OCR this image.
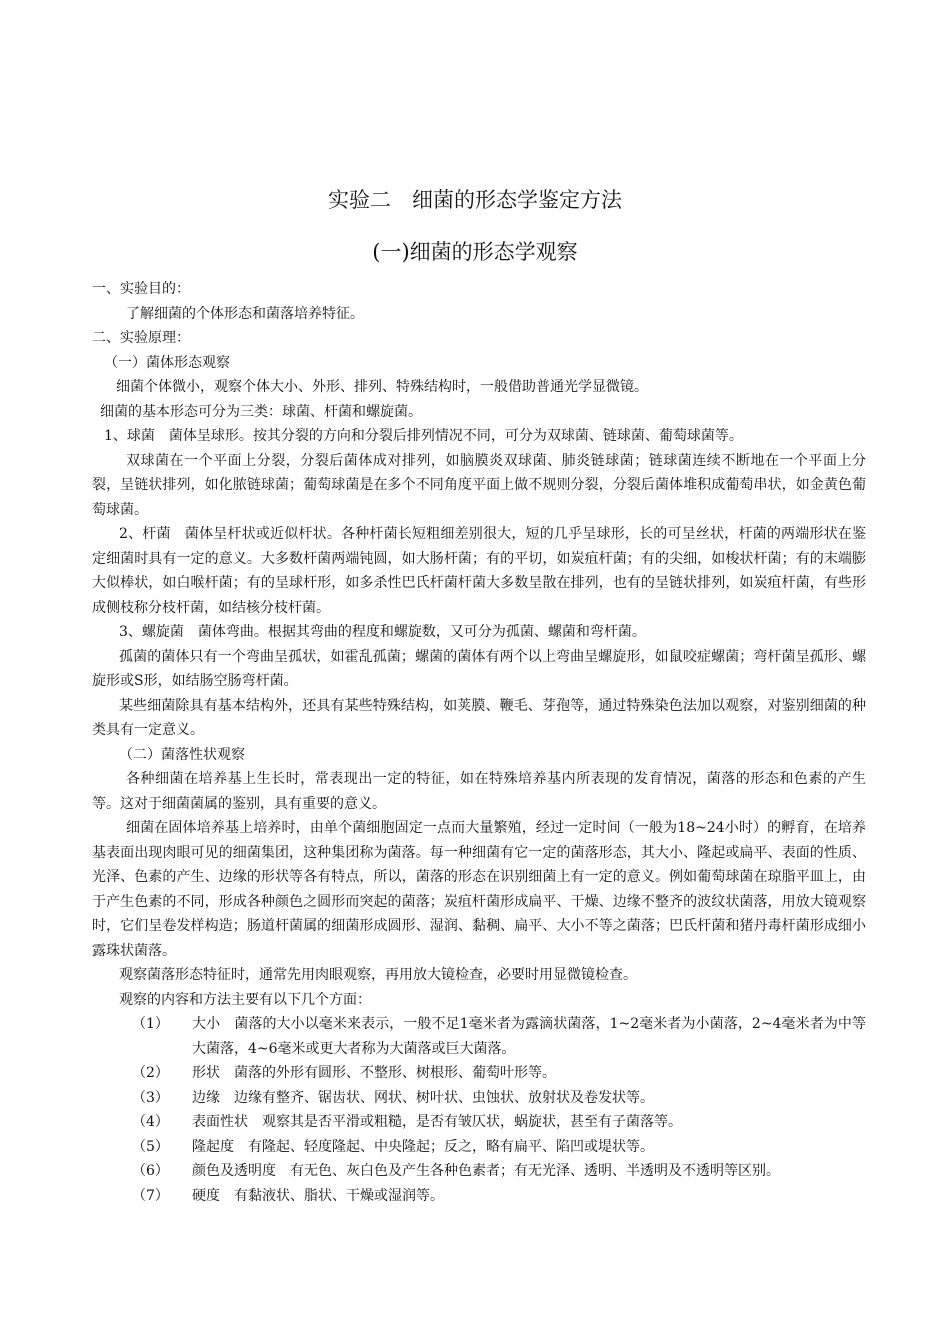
实验二　细菌的形态学鉴定方法
(一)细菌的形态学观察

一、实验目的：

了解细菌的个体形态和菌落培养特征。

二、实验原理：

（一）菌体形态观察

细菌个体微小，观察个体大小、外形、排列、特殊结构时，一般借助普通光学显微镜。

细菌的基本形态可分为三类：球菌、杆菌和螺旋菌。

1、球菌　菌体呈球形。按其分裂的方向和分裂后排列情况不同，可分为双球菌、链球菌、葡萄球菌等。

双球菌在一个平面上分裂，分裂后菌体成对排列，如脑膜炎双球菌、肺炎链球菌；链球菌连续不断地在一个平面上分裂，呈链状排列，如化脓链球菌；葡萄球菌是在多个不同角度平面上做不规则分裂，分裂后菌体堆积成葡萄串状，如金黄色葡萄球菌。

2、杆菌　菌体呈杆状或近似杆状。各种杆菌长短粗细差别很大，短的几乎呈球形，长的可呈丝状，杆菌的两端形状在鉴定细菌时具有一定的意义。大多数杆菌两端钝圆，如大肠杆菌；有的平切，如炭疽杆菌；有的尖细，如梭状杆菌；有的末端膨大似棒状，如白喉杆菌；有的呈球杆形，如多杀性巴氏杆菌杆菌大多数呈散在排列，也有的呈链状排列，如炭疽杆菌，有些形成侧枝称分枝杆菌，如结核分枝杆菌。

3、螺旋菌　菌体弯曲。根据其弯曲的程度和螺旋数，又可分为孤菌、螺菌和弯杆菌。

孤菌的菌体只有一个弯曲呈孤状，如霍乱孤菌；螺菌的菌体有两个以上弯曲呈螺旋形，如鼠咬症螺菌；弯杆菌呈孤形、螺旋形或S形，如结肠空肠弯杆菌。

某些细菌除具有基本结构外，还具有某些特殊结构，如荚膜、鞭毛、芽孢等，通过特殊染色法加以观察，对鉴别细菌的种类具有一定意义。

（二）菌落性状观察

各种细菌在培养基上生长时，常表现出一定的特征，如在特殊培养基内所表现的发育情况，菌落的形态和色素的产生等。这对于细菌菌属的鉴别，具有重要的意义。

细菌在固体培养基上培养时，由单个菌细胞固定一点而大量繁殖，经过一定时间（一般为18~24小时）的孵育，在培养基表面出现肉眼可见的细菌集团，这种集团称为菌落。每一种细菌有它一定的菌落形态，其大小、隆起或扁平、表面的性质、光泽、色素的产生、边缘的形状等各有特点，所以，菌落的形态在识别细菌上有一定的意义。例如葡萄球菌在琼脂平皿上，由于产生色素的不同，形成各种颜色之圆形而突起的菌落；炭疽杆菌形成扁平、干燥、边缘不整齐的波纹状菌落，用放大镜观察时，它们呈卷发样构造；肠道杆菌属的细菌形成圆形、湿润、黏稠、扁平、大小不等之菌落；巴氏杆菌和猪丹毒杆菌形成细小露珠状菌落。

观察菌落形态特征时，通常先用肉眼观察，再用放大镜检查，必要时用显微镜检查。

观察的内容和方法主要有以下几个方面：

（1）	大小　菌落的大小以毫米来表示，一般不足1毫米者为露滴状菌落，1~2毫米者为小菌落，2~4毫米者为中等大菌落，4~6毫米或更大者称为大菌落或巨大菌落。
（2）	形状　菌落的外形有圆形、不整形、树根形、葡萄叶形等。
（3）	边缘　边缘有整齐、锯齿状、网状、树叶状、虫蚀状、放射状及卷发状等。
（4）	表面性状　观察其是否平滑或粗糙，是否有皱仄状，蜗旋状，甚至有子菌落等。
（5）	隆起度　有隆起、轻度隆起、中央隆起；反之，略有扁平、陷凹或堤状等。
（6）	颜色及透明度　有无色、灰白色及产生各种色素者；有无光泽、透明、半透明及不透明等区别。
（7）	硬度　有黏液状、脂状、干燥或湿润等。
